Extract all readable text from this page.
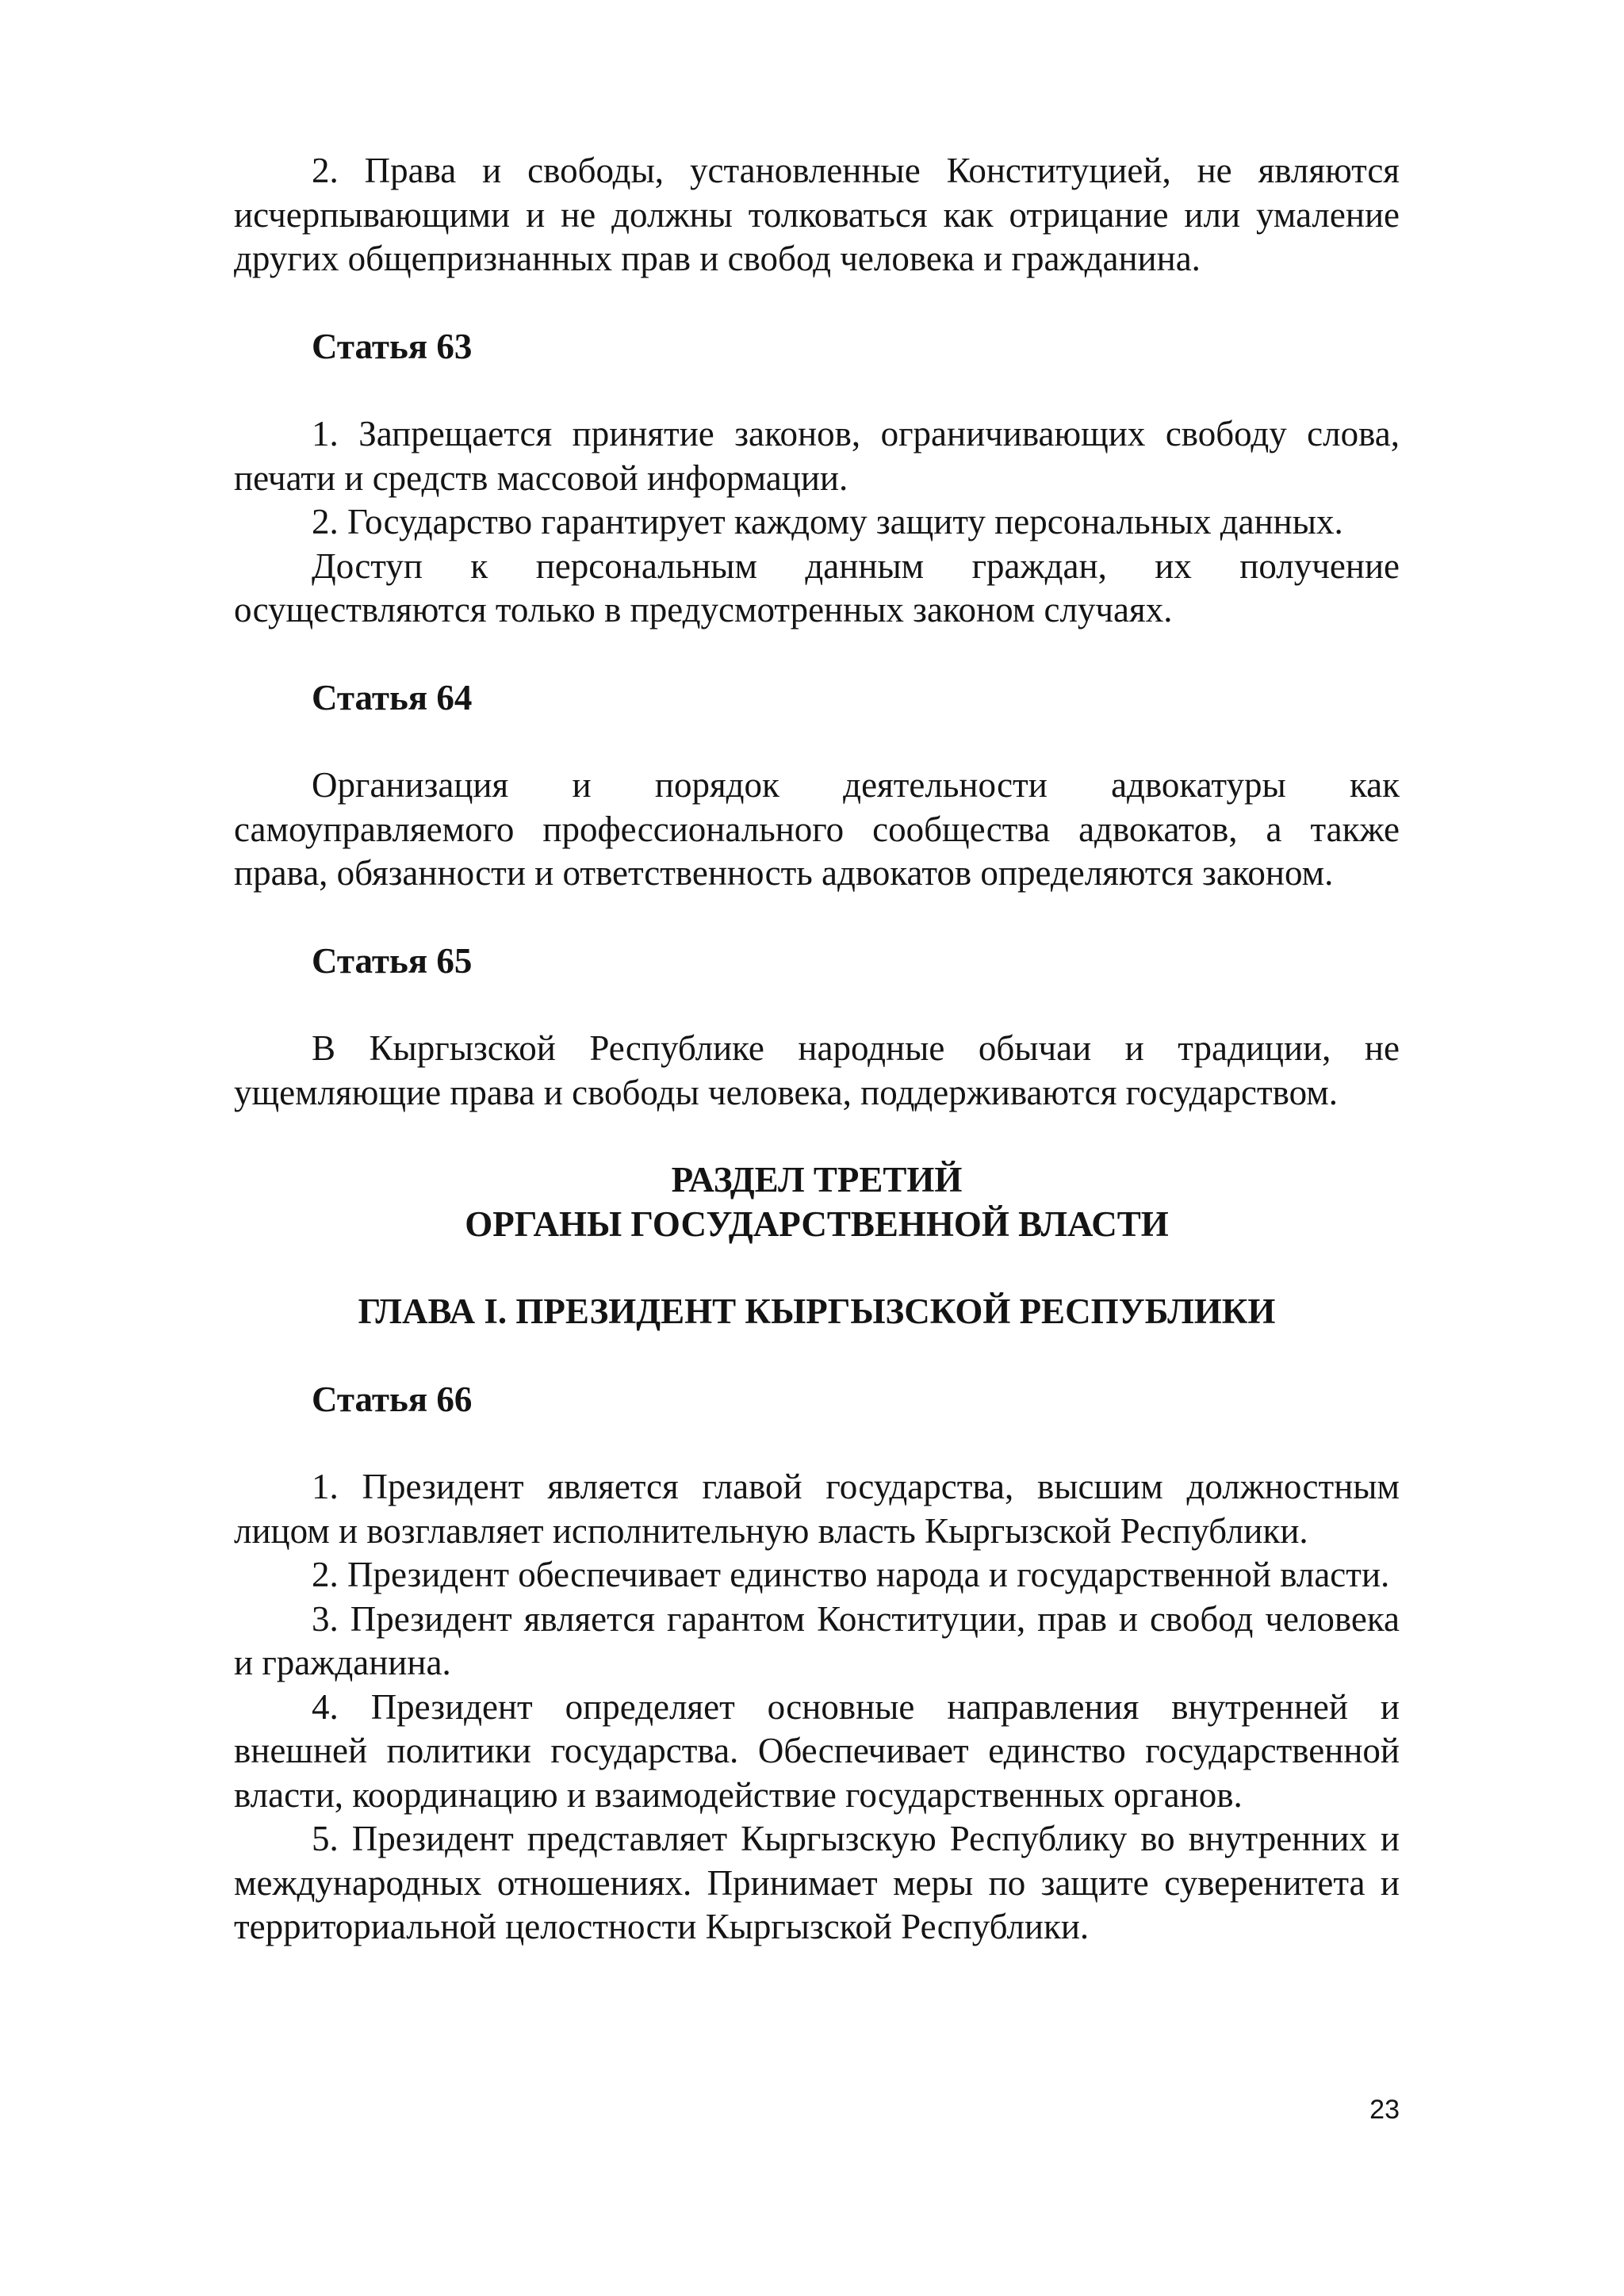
2. Права и свободы, установленные Конституцией, не являются исчерпывающими и не должны толковаться как отрицание или умаление других общепризнанных прав и свобод человека и гражданина.

Статья 63

1. Запрещается принятие законов, ограничивающих свободу слова, печати и средств массовой информации.

2. Государство гарантирует каждому защиту персональных данных.

Доступ к персональным данным граждан, их получение осуществляются только в предусмотренных законом случаях.

Статья 64

Организация и порядок деятельности адвокатуры как самоуправляемого профессионального сообщества адвокатов, а также права, обязанности и ответственность адвокатов определяются законом.

Статья 65

В Кыргызской Республике народные обычаи и традиции, не ущемляющие права и свободы человека, поддерживаются государством.

РАЗДЕЛ ТРЕТИЙ

ОРГАНЫ ГОСУДАРСТВЕННОЙ ВЛАСТИ

ГЛАВА I. ПРЕЗИДЕНТ КЫРГЫЗСКОЙ РЕСПУБЛИКИ

Статья 66

1. Президент является главой государства, высшим должностным лицом и возглавляет исполнительную власть Кыргызской Республики.

2. Президент обеспечивает единство народа и государственной власти.

3. Президент является гарантом Конституции, прав и свобод человека и гражданина.

4. Президент определяет основные направления внутренней и внешней политики государства. Обеспечивает единство государственной власти, координацию и взаимодействие государственных органов.

5. Президент представляет Кыргызскую Республику во внутренних и международных отношениях. Принимает меры по защите суверенитета и территориальной целостности Кыргызской Республики.

23
